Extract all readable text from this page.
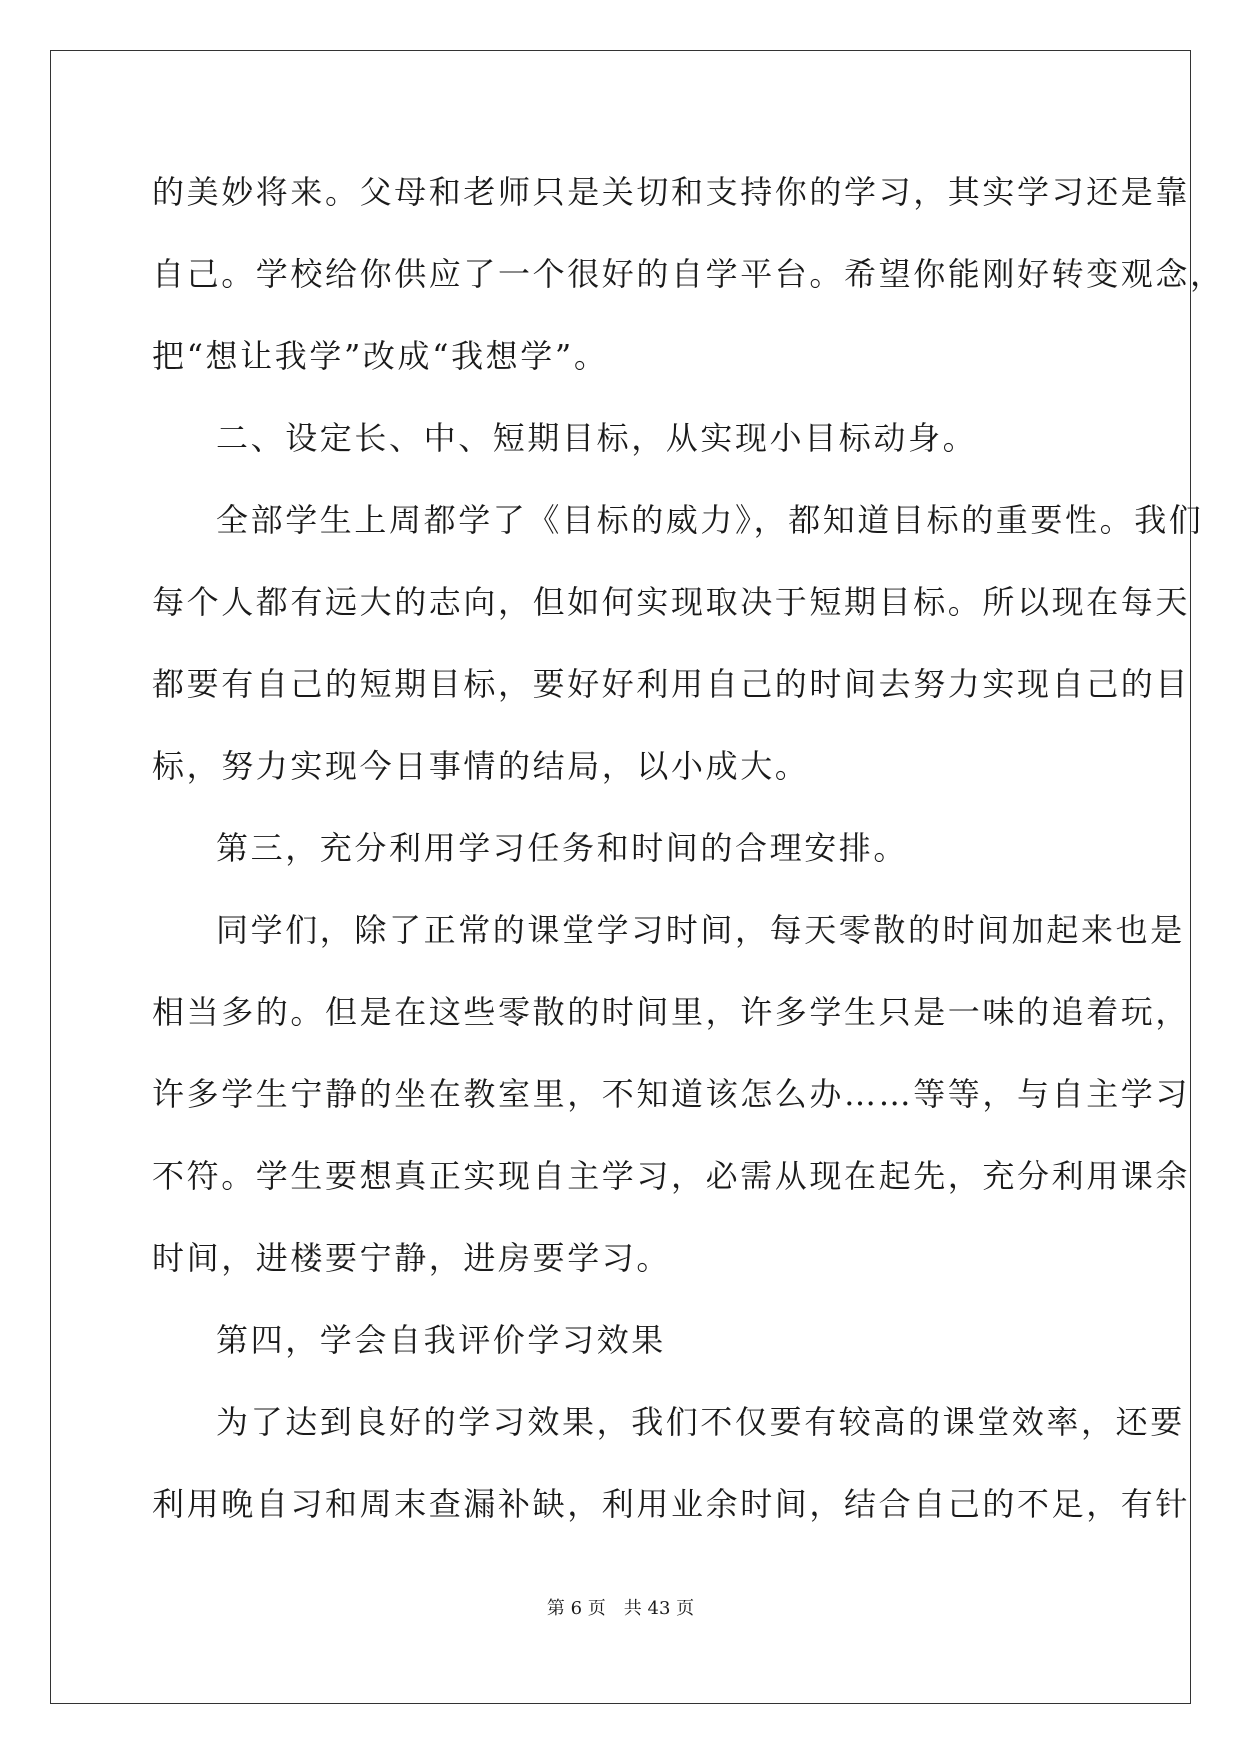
的美妙将来。父母和老师只是关切和支持你的学习，其实学习还是靠
自己。学校给你供应了一个很好的自学平台。希望你能刚好转变观念，
把“想让我学”改成“我想学”。
二、设定长、中、短期目标，从实现小目标动身。
全部学生上周都学了《目标的威力》，都知道目标的重要性。我们
每个人都有远大的志向，但如何实现取决于短期目标。所以现在每天
都要有自己的短期目标，要好好利用自己的时间去努力实现自己的目
标，努力实现今日事情的结局，以小成大。
第三，充分利用学习任务和时间的合理安排。
同学们，除了正常的课堂学习时间，每天零散的时间加起来也是
相当多的。但是在这些零散的时间里，许多学生只是一味的追着玩，
许多学生宁静的坐在教室里，不知道该怎么办……等等，与自主学习
不符。学生要想真正实现自主学习，必需从现在起先，充分利用课余
时间，进楼要宁静，进房要学习。
第四，学会自我评价学习效果
为了达到良好的学习效果，我们不仅要有较高的课堂效率，还要
利用晚自习和周末查漏补缺，利用业余时间，结合自己的不足，有针
第 6 页　共 43 页
